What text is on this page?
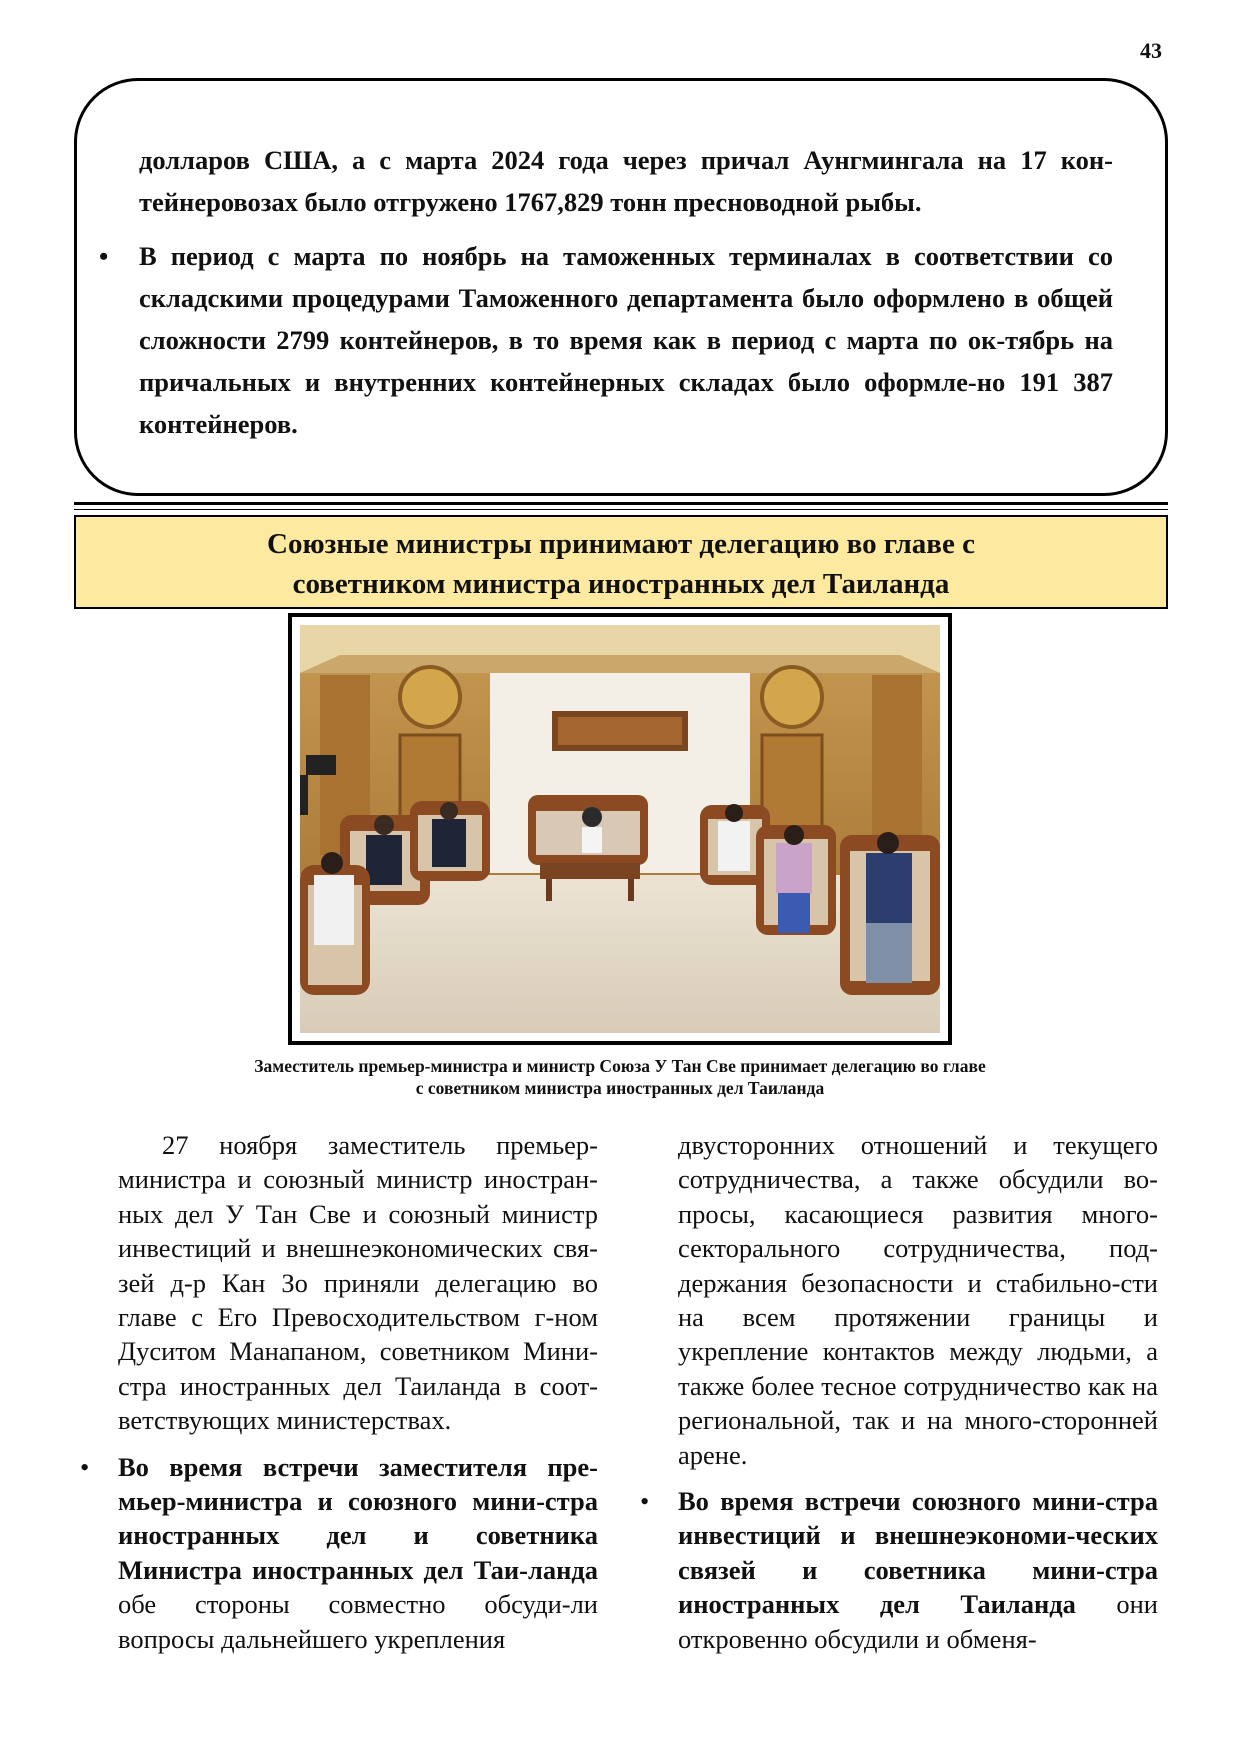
43

долларов США, а с марта 2024 года через причал Аунгмингала на 17 кон-

тейнеровозах было отгружено 1767,829 тонн пресноводной рыбы.

• В период с марта по ноябрь на таможенных терминалах в соответствии со складскими процедурами Таможенного департамента было оформлено в общей сложности 2799 контейнеров, в то время как в период с марта по ок-тябрь на причальных и внутренних контейнерных складах было оформле-но 191 387 контейнеров.

Союзные министры принимают делегацию во главе с
советником министра иностранных дел Таиланда
Заместитель премьер-министра и министр Союза У Тан Све принимает делегацию во главе
с советником министра иностранных дел Таиланда

27 ноября заместитель премьер-министра и союзный министр иностран-ных дел У Тан Све и союзный министр инвестиций и внешнеэкономических свя-зей д-р Кан Зо приняли делегацию во главе с Его Превосходительством г-ном Дуситом Манапаном, советником Мини-стра иностранных дел Таиланда в соот-ветствующих министерствах.

• Во время встречи заместителя пре-мьер-министра и союзного мини-стра иностранных дел и советника Министра иностранных дел Таи-ланда обе стороны совместно обсуди-ли вопросы дальнейшего укрепления

двусторонних отношений и текущего сотрудничества, а также обсудили во-просы, касающиеся развития много-секторального сотрудничества, под-держания безопасности и стабильно-сти на всем протяжении границы и укрепление контактов между людьми, а также более тесное сотрудничество как на региональной, так и на много-сторонней арене.

• Во время встречи союзного мини-стра инвестиций и внешнеэкономи-ческих связей и советника мини-стра иностранных дел Таиланда они откровенно обсудили и обменя-
